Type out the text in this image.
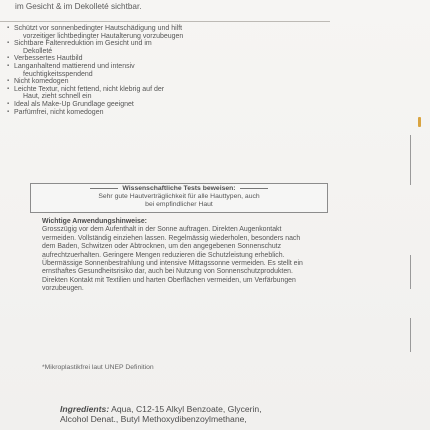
im Gesicht & im Dekolleté sichtbar.
▪ Schützt vor sonnenbedingter Hautschädigung und hilft
vorzeitiger lichtbedingter Hautalterung vorzubeugen
▪ Sichtbare Faltenreduktion im Gesicht und im
Dekolleté
▪ Verbessertes Hautbild
▪ Langanhaltend mattierend und intensiv
feuchtigkeitsspendend
▪ Nicht komedogen
▪ Leichte Textur, nicht fettend, nicht klebrig auf der
Haut, zieht schnell ein
▪ Ideal als Make-Up Grundlage geeignet
▪ Parfümfrei, nicht komedogen
Wissenschaftliche Tests beweisen:
Sehr gute Hautverträglichkeit für alle Hauttypen, auch
bei empfindlicher Haut
Wichtige Anwendungshinweise:
Grosszügig vor dem Aufenthalt in der Sonne auftragen. Direkten Augenkontakt vermeiden. Vollständig einziehen lassen. Regelmässig wiederholen, besonders nach dem Baden, Schwitzen oder Abtrocknen, um den angegebenen Sonnenschutz aufrechtzuerhalten. Geringere Mengen reduzieren die Schutzleistung erheblich. Übermässige Sonnenbestrahlung und intensive Mittagssonne vermeiden. Es stellt ein ernsthaftes Gesundheitsrisiko dar, auch bei Nutzung von Sonnenschutzprodukten. Direkten Kontakt mit Textilien und harten Oberflächen vermeiden, um Verfärbungen vorzubeugen.
*Mikroplastikfrei laut UNEP Definition
Ingredients: Aqua, C12-15 Alkyl Benzoate, Glycerin,
Alcohol Denat., Butyl Methoxydibenzoylmethane,
